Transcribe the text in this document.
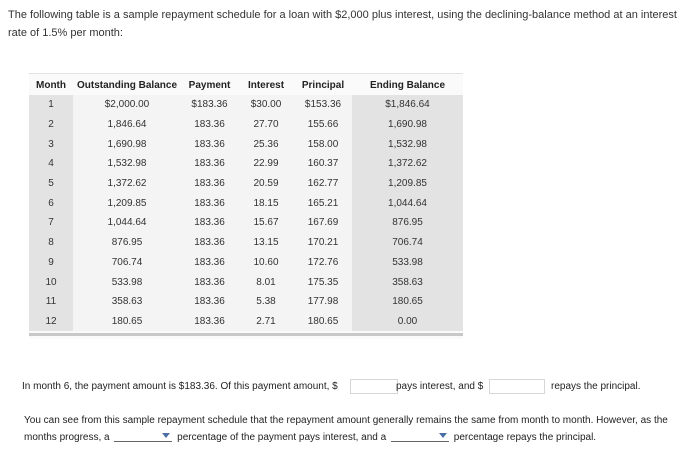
The following table is a sample repayment schedule for a loan with $2,000 plus interest, using the declining-balance method at an interest rate of 1.5% per month:
Month	Outstanding Balance	Payment	Interest	Principal	Ending Balance
1	$2,000.00	$183.36	$30.00	$153.36	$1,846.64
2	1,846.64	183.36	27.70	155.66	1,690.98
3	1,690.98	183.36	25.36	158.00	1,532.98
4	1,532.98	183.36	22.99	160.37	1,372.62
5	1,372.62	183.36	20.59	162.77	1,209.85
6	1,209.85	183.36	18.15	165.21	1,044.64
7	1,044.64	183.36	15.67	167.69	876.95
8	876.95	183.36	13.15	170.21	706.74
9	706.74	183.36	10.60	172.76	533.98
10	533.98	183.36	8.01	175.35	358.63
11	358.63	183.36	5.38	177.98	180.65
12	180.65	183.36	2.71	180.65	0.00
In month 6, the payment amount is $183.36. Of this payment amount, $	pays interest, and $	repays the principal.
You can see from this sample repayment schedule that the repayment amount generally remains the same from month to month. However, as the months progress, a	percentage of the payment pays interest, and a	percentage repays the principal.
